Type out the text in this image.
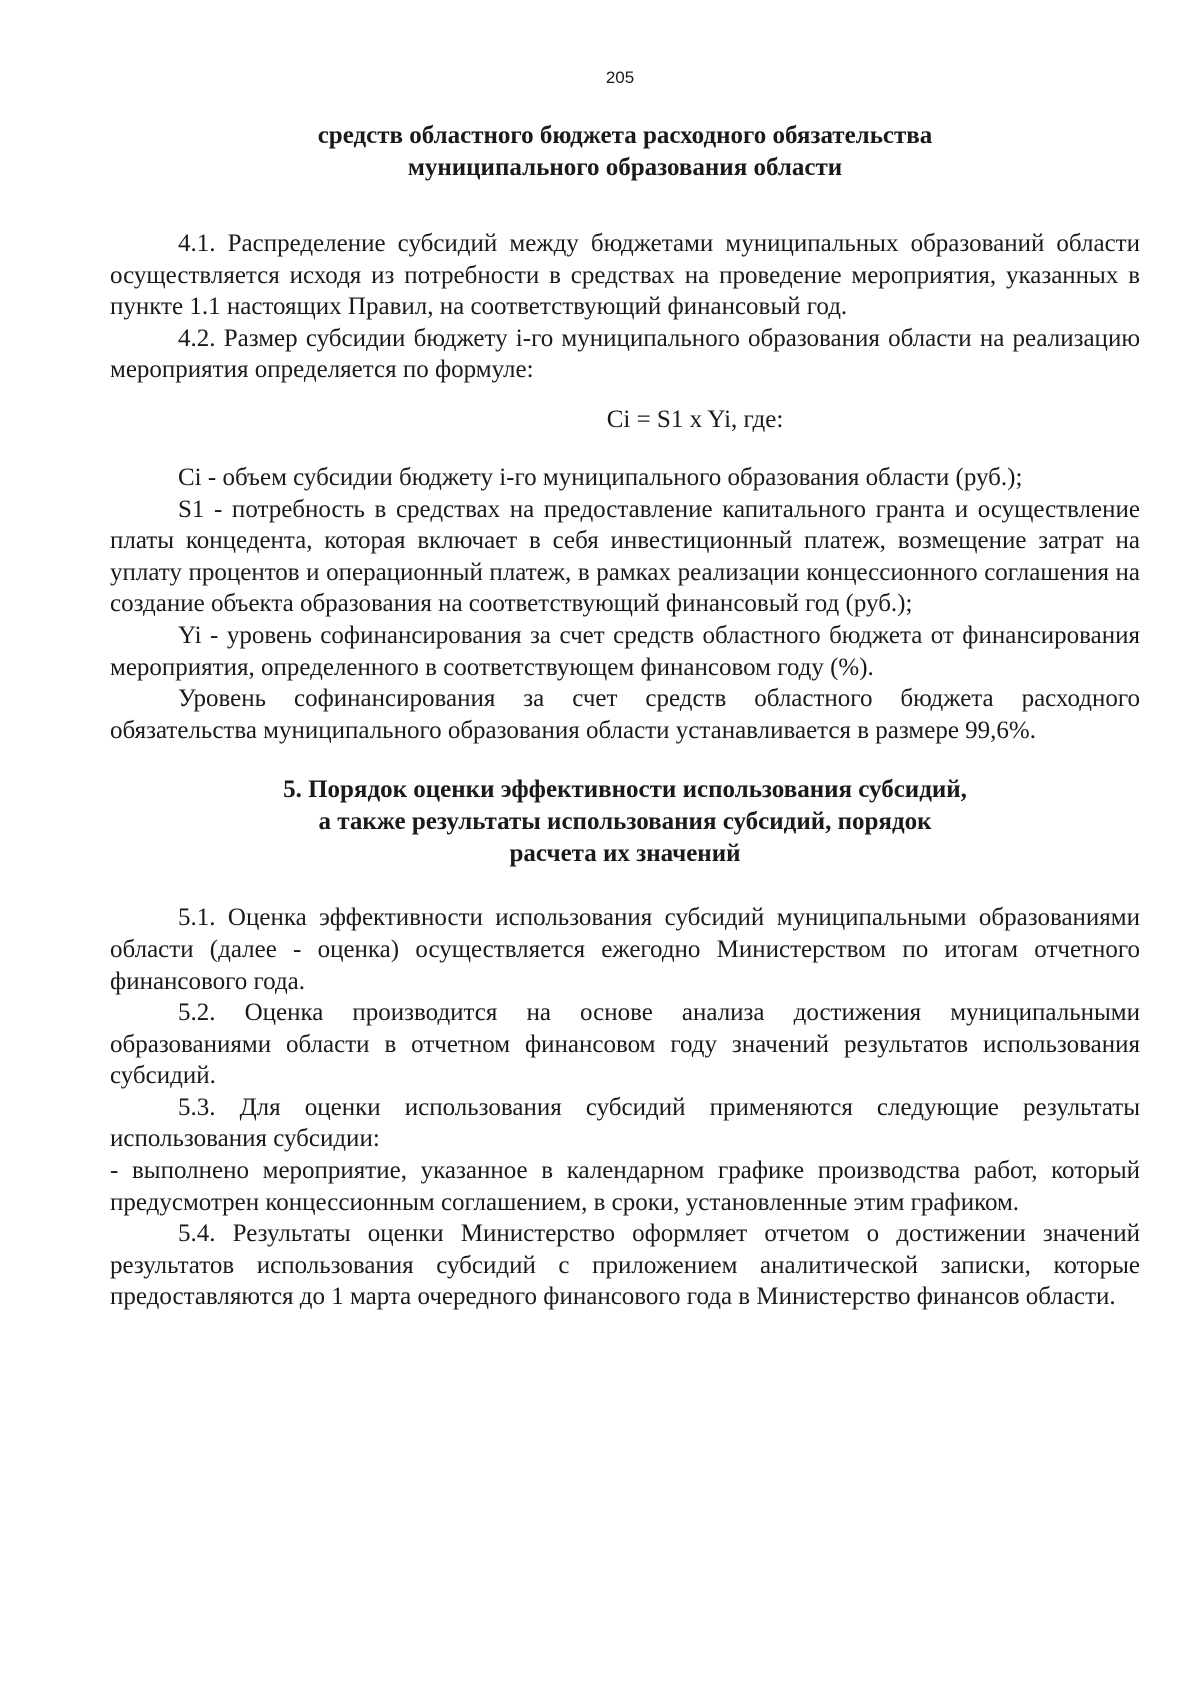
205
средств областного бюджета расходного обязательства
муниципального образования области

4.1. Распределение субсидий между бюджетами муниципальных образований области осуществляется исходя из потребности в средствах на проведение мероприятия, указанных в пункте 1.1 настоящих Правил, на соответствующий финансовый год.

4.2. Размер субсидии бюджету i-го муниципального образования области на реализацию мероприятия определяется по формуле:

Ci = S1 x Yi, где:

Ci - объем субсидии бюджету i-го муниципального образования области (руб.);

S1 - потребность в средствах на предоставление капитального гранта и осуществление платы концедента, которая включает в себя инвестиционный платеж, возмещение затрат на уплату процентов и операционный платеж, в рамках реализации концессионного соглашения на создание объекта образования на соответствующий финансовый год (руб.);

Yi - уровень софинансирования за счет средств областного бюджета от финансирования мероприятия, определенного в соответствующем финансовом году (%).

Уровень софинансирования за счет средств областного бюджета расходного обязательства муниципального образования области устанавливается в размере 99,6%.

5. Порядок оценки эффективности использования субсидий,
а также результаты использования субсидий, порядок
расчета их значений

5.1. Оценка эффективности использования субсидий муниципальными образованиями области (далее - оценка) осуществляется ежегодно Министерством по итогам отчетного финансового года.

5.2. Оценка производится на основе анализа достижения муниципальными образованиями области в отчетном финансовом году значений результатов использования субсидий.

5.3. Для оценки использования субсидий применяются следующие результаты использования субсидии:

- выполнено мероприятие, указанное в календарном графике производства работ, который предусмотрен концессионным соглашением, в сроки, установленные этим графиком.

5.4. Результаты оценки Министерство оформляет отчетом о достижении значений результатов использования субсидий с приложением аналитической записки, которые предоставляются до 1 марта очередного финансового года в Министерство финансов области.
